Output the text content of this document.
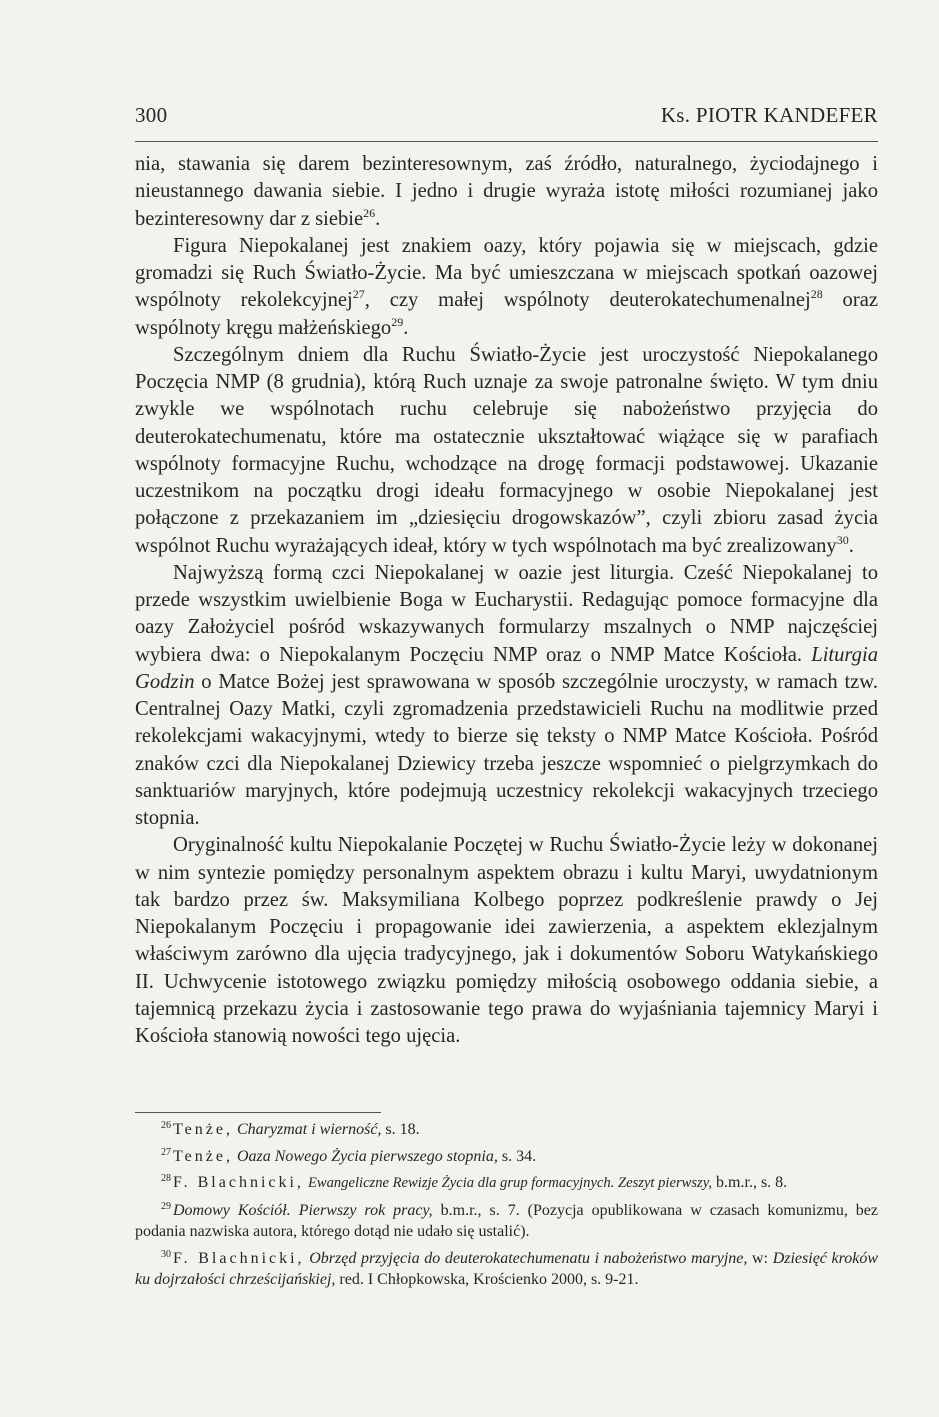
300	Ks. PIOTR KANDEFER

nia, stawania się darem bezinteresownym, zaś źródło, naturalnego, życiodajnego i nieustannego dawania siebie. I jedno i drugie wyraża istotę miłości rozumianej jako bezinteresowny dar z siebie$^{26}$.

Figura Niepokalanej jest znakiem oazy, który pojawia się w miejscach, gdzie gromadzi się Ruch Światło-Życie. Ma być umieszczana w miejscach spotkań oazowej wspólnoty rekolekcyjnej$^{27}$, czy małej wspólnoty deuterokatechumenalnej$^{28}$ oraz wspólnoty kręgu małżeńskiego$^{29}$.

Szczególnym dniem dla Ruchu Światło-Życie jest uroczystość Niepokalanego Poczęcia NMP (8 grudnia), którą Ruch uznaje za swoje patronalne święto. W tym dniu zwykle we wspólnotach ruchu celebruje się nabożeństwo przyjęcia do deuterokatechumenatu, które ma ostatecznie ukształtować wiążące się w parafiach wspólnoty formacyjne Ruchu, wchodzące na drogę formacji podstawowej. Ukazanie uczestnikom na początku drogi ideału formacyjnego w osobie Niepokalanej jest połączone z przekazaniem im „dziesięciu drogowskazów”, czyli zbioru zasad życia wspólnot Ruchu wyrażających ideał, który w tych wspólnotach ma być zrealizowany$^{30}$.

Najwyższą formą czci Niepokalanej w oazie jest liturgia. Cześć Niepokalanej to przede wszystkim uwielbienie Boga w Eucharystii. Redagując pomoce formacyjne dla oazy Założyciel pośród wskazywanych formularzy mszalnych o NMP najczęściej wybiera dwa: o Niepokalanym Poczęciu NMP oraz o NMP Matce Kościoła. Liturgia Godzin o Matce Bożej jest sprawowana w sposób szczególnie uroczysty, w ramach tzw. Centralnej Oazy Matki, czyli zgromadzenia przedstawicieli Ruchu na modlitwie przed rekolekcjami wakacyjnymi, wtedy to bierze się teksty o NMP Matce Kościoła. Pośród znaków czci dla Niepokalanej Dziewicy trzeba jeszcze wspomnieć o pielgrzymkach do sanktuariów maryjnych, które podejmują uczestnicy rekolekcji wakacyjnych trzeciego stopnia.

Oryginalność kultu Niepokalanie Poczętej w Ruchu Światło-Życie leży w dokonanej w nim syntezie pomiędzy personalnym aspektem obrazu i kultu Maryi, uwydatnionym tak bardzo przez św. Maksymiliana Kolbego poprzez podkreślenie prawdy o Jej Niepokalanym Poczęciu i propagowanie idei zawierzenia, a aspektem eklezjalnym właściwym zarówno dla ujęcia tradycyjnego, jak i dokumentów Soboru Watykańskiego II. Uchwycenie istotowego związku pomiędzy miłością osobowego oddania siebie, a tajemnicą przekazu życia i zastosowanie tego prawa do wyjaśniania tajemnicy Maryi i Kościoła stanowią nowości tego ujęcia.

$^{26}$ Tenże, Charyzmat i wierność, s. 18.

$^{27}$ Tenże, Oaza Nowego Życia pierwszego stopnia, s. 34.

$^{28}$ F. Blachnicki, Ewangeliczne Rewizje Życia dla grup formacyjnych. Zeszyt pierwszy, b.m.r., s. 8.

$^{29}$ Domowy Kościół. Pierwszy rok pracy, b.m.r., s. 7. (Pozycja opublikowana w czasach komunizmu, bez podania nazwiska autora, którego dotąd nie udało się ustalić).

$^{30}$ F. Blachnicki, Obrzęd przyjęcia do deuterokatechumenatu i nabożeństwo maryjne, w: Dziesięć kroków ku dojrzałości chrześcijańskiej, red. I Chłopkowska, Krościenko 2000, s. 9-21.
